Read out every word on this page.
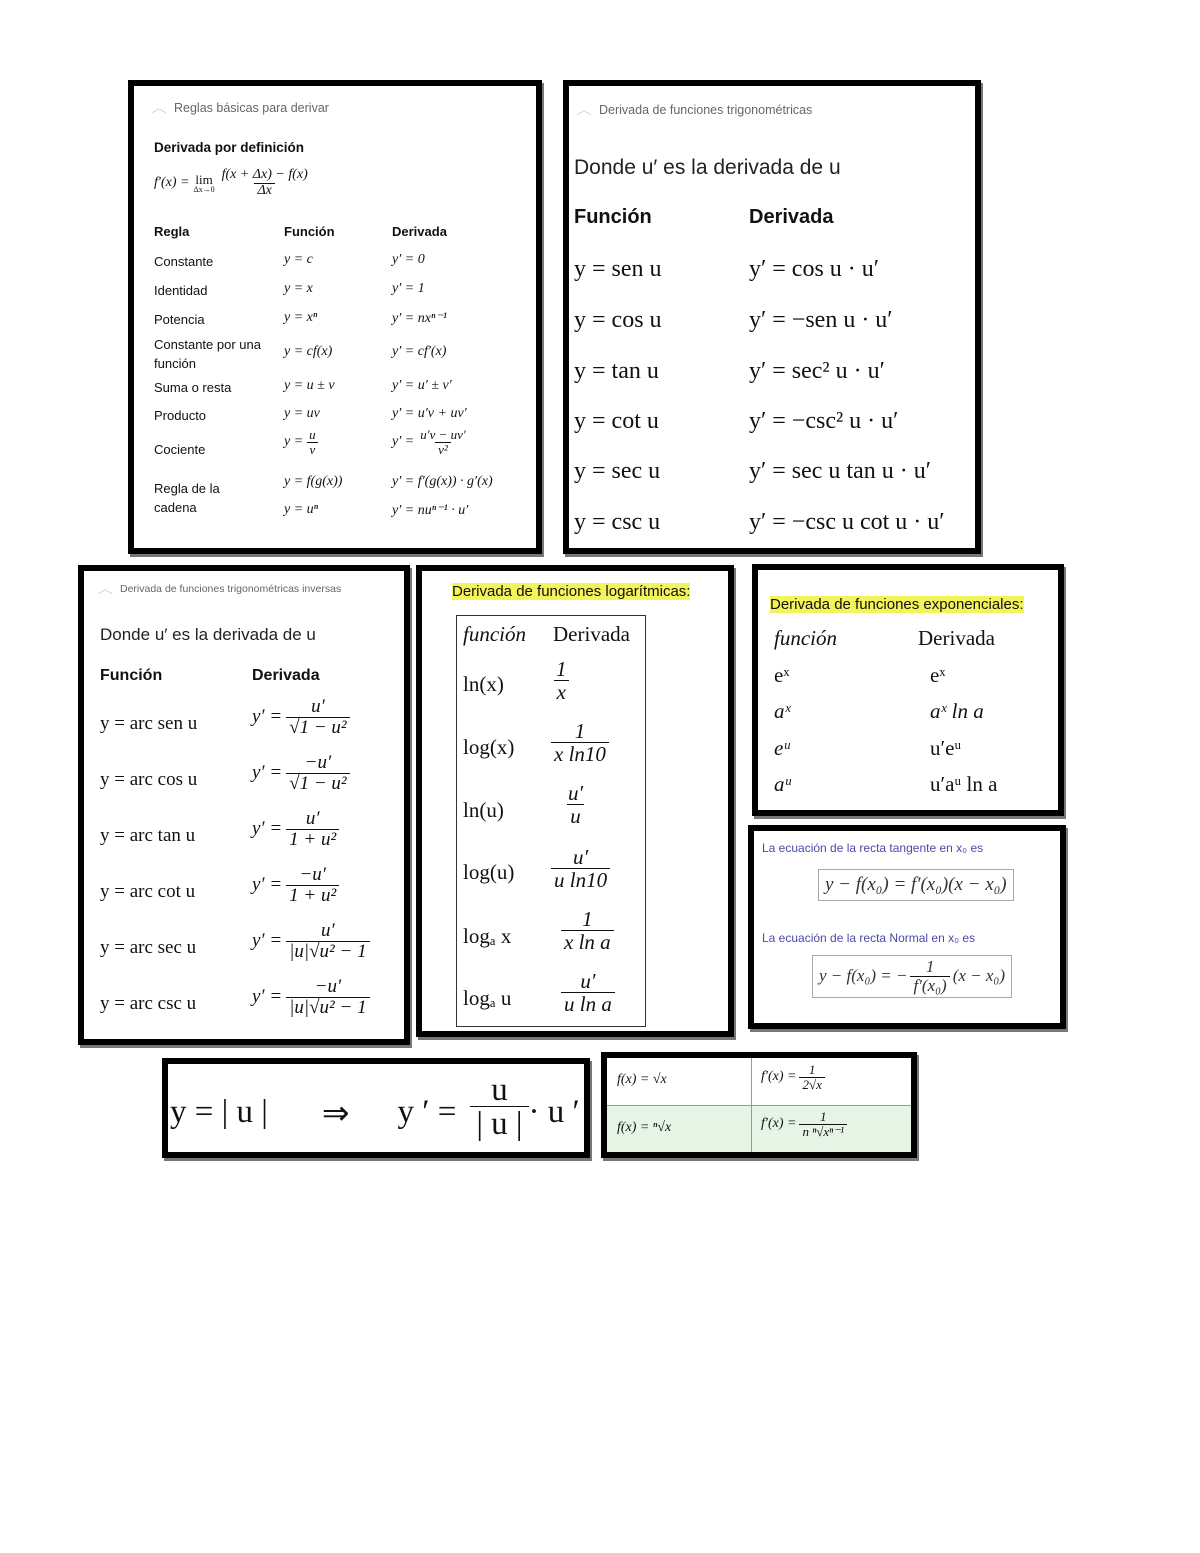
︿ Reglas básicas para derivar
Derivada por definición
f′(x) = lim
$\Delta x\to 0 \frac{f(x + \Delta x) - f(x)}{\Delta x}$
Regla	Función	Derivada
Constante	y = c	y′ = 0
Identidad	y = x	y′ = 1
Potencia	y = xⁿ	y′ = nxⁿ⁻¹
Constante por una función
y = cf(x)	y′ = cf′(x)
Suma o resta	y = u ± v	y′ = u′ ± v′
Producto	y = uv	y′ = u′v + uv′
Cociente
$y = \frac{u}{v}$	$y' = \frac{u'v - uv'}{\text{v²}}$
Regla de la cadena
y = f(g(x))	y′ = f′(g(x)) · g′(x)
y = uⁿ	y′ = nuⁿ⁻¹ · u′
︿ Derivada de funciones trigonométricas
Donde u′ es la derivada de u
Función	Derivada
y = sen u	y′ = cos u · u′
y = cos u	y′ = −sen u · u′
y = tan u	y′ = sec² u · u′
y = cot u	y′ = −csc² u · u′
y = sec u	y′ = sec u tan u · u′
y = csc u	y′ = −csc u cot u · u′
︿ Derivada de funciones trigonométricas inversas
Donde u′ es la derivada de u
Función	Derivada
y = arc sen u	$y' = \frac{u'}{\text{√1 − u²}}$
y = arc cos u	$y' = \frac{-u'}{\text{√1 − u²}}$
y = arc tan u	$y' = \frac{u'}{\text{1 + u²}}$
y = arc cot u	$y' = \frac{-u'}{\text{1 + u²}}$
y = arc sec u	$y' = \frac{u'}{\text{|u|√u² − 1}}$
y = arc csc u	$y' = \frac{-u'}{\text{|u|√u² − 1}}$
Derivada de funciones logarítmicas:
función Derivada
$\ln(x) \frac{1}{x}$
$\log(x) \frac{1}{\text{x ln10}}$
ln(u)	$\frac{u'}{u}$
$\log(u) \frac{u'}{\text{u ln10}}$
logₐ x $\frac{1}{\text{x ln a}}$
logₐ u $\frac{u'}{\text{u ln a}}$
Derivada de funciones exponenciales:
función	Derivada
eˣ	eˣ
aˣ	aˣ ln a
eᵘ	u′eᵘ
aᵘ	u′aᵘ ln a
La ecuación de la recta tangente en x₀ es
y − f(x₀) = f′(x₀)(x − x₀)
La ecuación de la recta Normal en x₀ es
y − f(x₀) = − $\frac{1}{\text{f′(x₀)}} (x - x_0)$
y = | u | ⇒ y ′ = $\frac{u}{| u |} \cdot u$ ′
f(x) = √x	$f'(x) = \frac{1}{2√x}$
f(x) = ⁿ√x	$f'(x) = \frac{1}{\text{n ⁿ√xⁿ⁻¹}}$
